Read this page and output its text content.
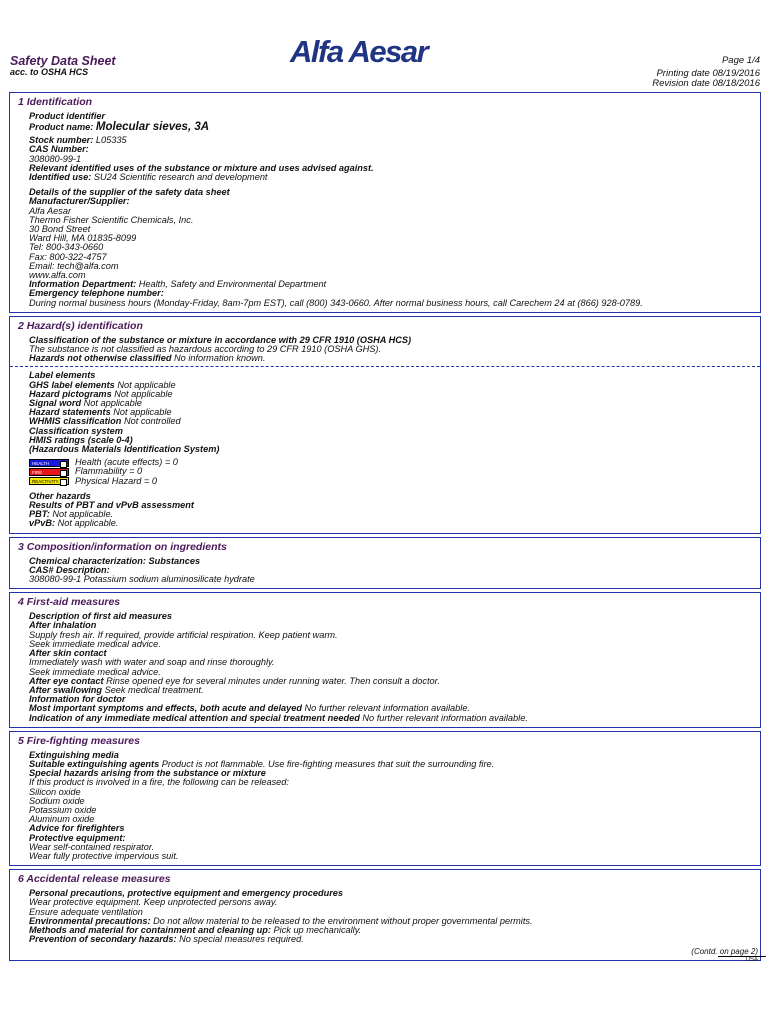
Safety Data Sheet
acc. to OSHA HCS
Alfa Aesar	Page 1/4
Printing date 08/19/2016
Revision date 08/18/2016
1 Identification
Product identifier
Product name: Molecular sieves, 3A
Stock number: L05335
CAS Number:
308080-99-1
Relevant identified uses of the substance or mixture and uses advised against.
Identified use: SU24 Scientific research and development
Details of the supplier of the safety data sheet
Manufacturer/Supplier:
Alfa Aesar
Thermo Fisher Scientific Chemicals, Inc.
30 Bond Street
Ward Hill, MA 01835-8099
Tel: 800-343-0660
Fax: 800-322-4757
Email: tech@alfa.com
www.alfa.com
Information Department: Health, Safety and Environmental Department
Emergency telephone number:
During normal business hours (Monday-Friday, 8am-7pm EST), call (800) 343-0660. After normal business hours, call Carechem 24 at (866) 928-0789.
2 Hazard(s) identification
Classification of the substance or mixture in accordance with 29 CFR 1910 (OSHA HCS)
The substance is not classified as hazardous according to 29 CFR 1910 (OSHA GHS).
Hazards not otherwise classified No information known.
Label elements
GHS label elements Not applicable
Hazard pictograms Not applicable
Signal word Not applicable
Hazard statements Not applicable
WHMIS classification Not controlled
Classification system
HMIS ratings (scale 0-4)
(Hazardous Materials Identification System)
HEALTH	Health (acute effects) = 0
FIRE	Flammability = 0
REACTIVITY	Physical Hazard = 0
Other hazards
Results of PBT and vPvB assessment
PBT: Not applicable.
vPvB: Not applicable.
3 Composition/information on ingredients
Chemical characterization: Substances
CAS# Description:
308080-99-1 Potassium sodium aluminosilicate hydrate
4 First-aid measures
Description of first aid measures
After inhalation
Supply fresh air. If required, provide artificial respiration. Keep patient warm.
Seek immediate medical advice.
After skin contact
Immediately wash with water and soap and rinse thoroughly.
Seek immediate medical advice.
After eye contact Rinse opened eye for several minutes under running water. Then consult a doctor.
After swallowing Seek medical treatment.
Information for doctor
Most important symptoms and effects, both acute and delayed No further relevant information available.
Indication of any immediate medical attention and special treatment needed No further relevant information available.
5 Fire-fighting measures
Extinguishing media
Suitable extinguishing agents Product is not flammable. Use fire-fighting measures that suit the surrounding fire.
Special hazards arising from the substance or mixture
If this product is involved in a fire, the following can be released:
Silicon oxide
Sodium oxide
Potassium oxide
Aluminum oxide
Advice for firefighters
Protective equipment:
Wear self-contained respirator.
Wear fully protective impervious suit.
6 Accidental release measures
Personal precautions, protective equipment and emergency procedures
Wear protective equipment. Keep unprotected persons away.
Ensure adequate ventilation
Environmental precautions: Do not allow material to be released to the environment without proper governmental permits.
Methods and material for containment and cleaning up: Pick up mechanically.
Prevention of secondary hazards: No special measures required.
(Contd. on page 2)
USA
